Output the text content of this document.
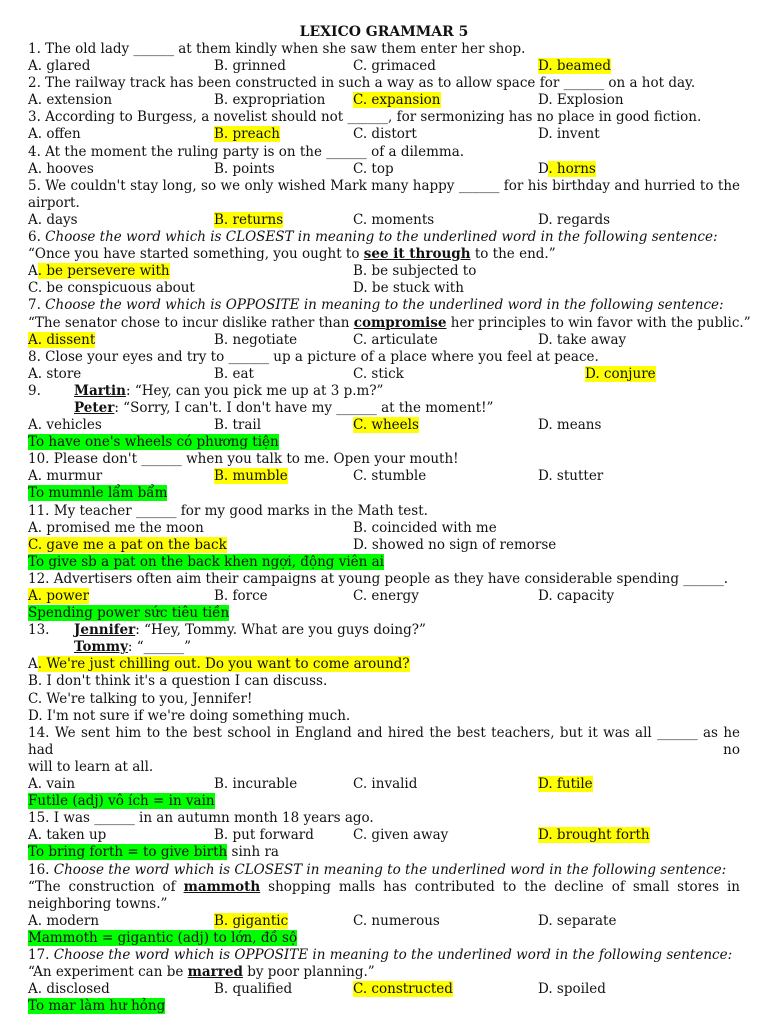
LEXICO GRAMMAR 5
1. The old lady ______ at them kindly when she saw them enter her shop.
A. glared	B. grinned	C. grimaced	D. beamed
2. The railway track has been constructed in such a way as to allow space for ______ on a hot day.
A. extension	B. expropriation	C. expansion	D. Explosion
3. According to Burgess, a novelist should not ______, for sermonizing has no place in good fiction.
A. offen	B. preach	C. distort	D. invent
4. At the moment the ruling party is on the ______ of a dilemma.
A. hooves	B. points	C. top	D. horns
5. We couldn't stay long, so we only wished Mark many happy ______ for his birthday and hurried to the
airport.
A. days	B. returns	C. moments	D. regards
6. Choose the word which is CLOSEST in meaning to the underlined word in the following sentence:
“Once you have started something, you ought to see it through to the end.”
A. be persevere with	B. be subjected to
C. be conspicuous about	D. be stuck with
7. Choose the word which is OPPOSITE in meaning to the underlined word in the following sentence:
“The senator chose to incur dislike rather than compromise her principles to win favor with the public.”
A. dissent	B. negotiate	C. articulate	D. take away
8. Close your eyes and try to ______ up a picture of a place where you feel at peace.
A. store	B. eat	C. stick	D. conjure
9. Martin: “Hey, can you pick me up at 3 p.m?”
Peter: “Sorry, I can't. I don't have my ______ at the moment!”
A. vehicles	B. trail	C. wheels	D. means
To have one's wheels có phương tiện
10. Please don't ______ when you talk to me. Open your mouth!
A. murmur	B. mumble	C. stumble	D. stutter
To mumnle lẩm bẩm
11. My teacher ______ for my good marks in the Math test.
A. promised me the moon	B. coincided with me
C. gave me a pat on the back	D. showed no sign of remorse
To give sb a pat on the back khen ngợi, động viên ai
12. Advertisers often aim their campaigns at young people as they have considerable spending ______.
A. power	B. force	C. energy	D. capacity
Spending power sức tiêu tiền
13. Jennifer: “Hey, Tommy. What are you guys doing?”
Tommy: “______”
A. We're just chilling out. Do you want to come around?
B. I don't think it's a question I can discuss.
C. We're talking to you, Jennifer!
D. I'm not sure if we're doing something much.
14. We sent him to the best school in England and hired the best teachers, but it was all ______ as he had no
will to learn at all.
A. vain	B. incurable	C. invalid	D. futile
Futile (adj) vô ích = in vain
15. I was ______ in an autumn month 18 years ago.
A. taken up	B. put forward	C. given away	D. brought forth
To bring forth = to give birth sinh ra
16. Choose the word which is CLOSEST in meaning to the underlined word in the following sentence:
“The construction of mammoth shopping malls has contributed to the decline of small stores in
neighboring towns.”
A. modern	B. gigantic	C. numerous	D. separate
Mammoth = gigantic (adj) to lớn, đồ sộ
17. Choose the word which is OPPOSITE in meaning to the underlined word in the following sentence:
“An experiment can be marred by poor planning.”
A. disclosed	B. qualified	C. constructed	D. spoiled
To mar làm hư hỏng
